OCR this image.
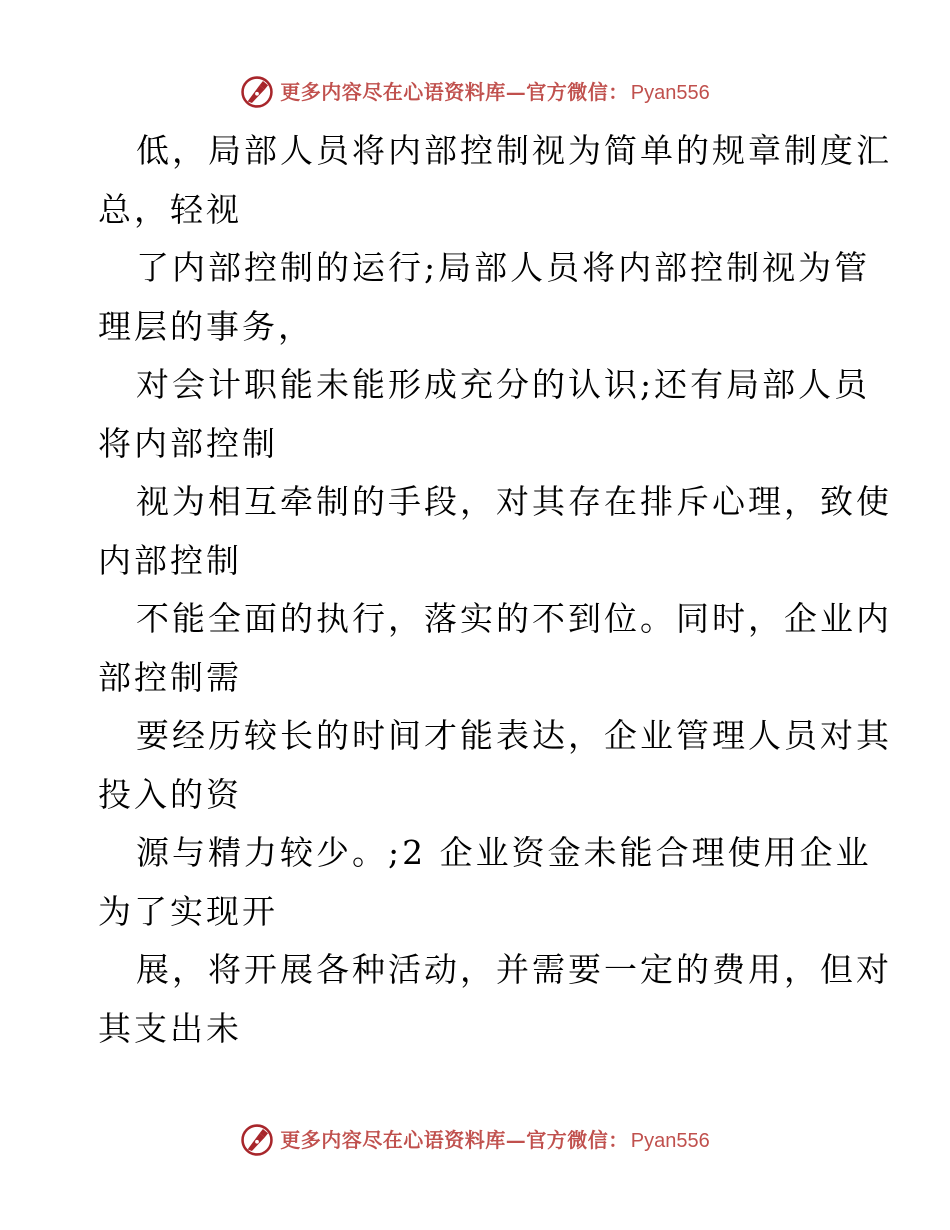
更多内容尽在心语资料库—官方微信： Pyan556

低，局部人员将内部控制视为简单的规章制度汇

总，轻视

了内部控制的运行;局部人员将内部控制视为管

理层的事务，

对会计职能未能形成充分的认识;还有局部人员

将内部控制

视为相互牵制的手段，对其存在排斥心理，致使

内部控制

不能全面的执行，落实的不到位。同时，企业内

部控制需

要经历较长的时间才能表达，企业管理人员对其

投入的资

源与精力较少。;2 企业资金未能合理使用企业

为了实现开

展，将开展各种活动，并需要一定的费用，但对

其支出未

更多内容尽在心语资料库—官方微信： Pyan556
